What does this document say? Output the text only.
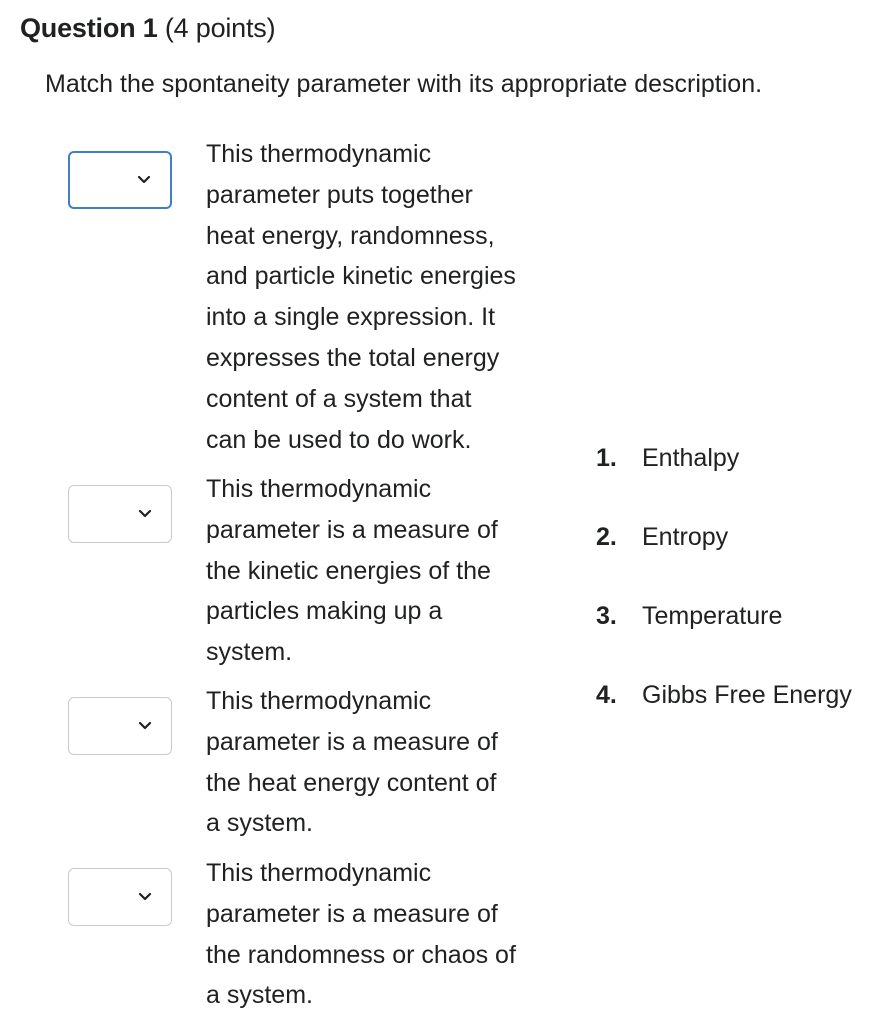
Question 1 (4 points)
Match the spontaneity parameter with its appropriate description.
This thermodynamic
parameter puts together
heat energy, randomness,
and particle kinetic energies
into a single expression. It
expresses the total energy
content of a system that
can be used to do work.
This thermodynamic
parameter is a measure of
the kinetic energies of the
particles making up a
system.
This thermodynamic
parameter is a measure of
the heat energy content of
a system.
This thermodynamic
parameter is a measure of
the randomness or chaos of
a system.
1. Enthalpy
2. Entropy
3. Temperature
4. Gibbs Free Energy
